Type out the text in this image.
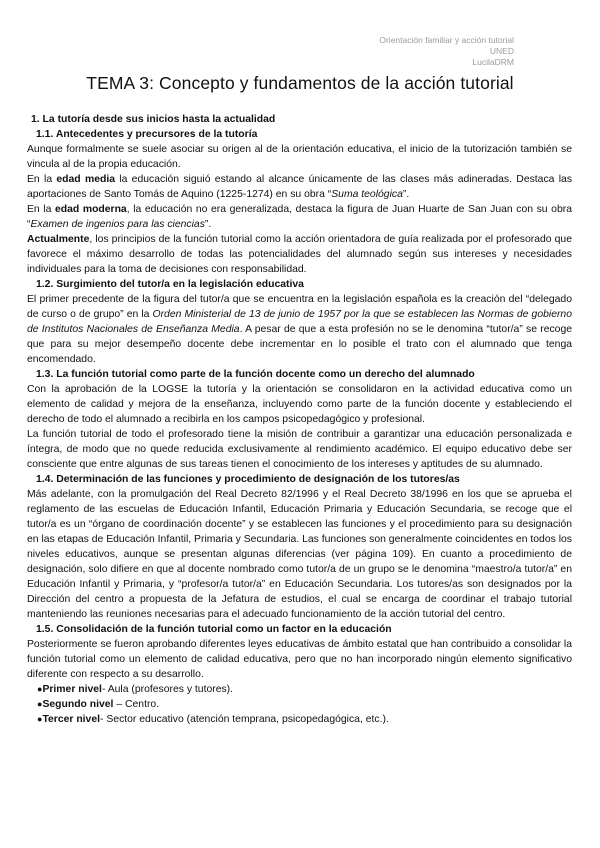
Orientación familiar y acción tutorial
UNED
LucilaDRM
TEMA 3: Concepto y fundamentos de la acción tutorial
1. La tutoría desde sus inicios hasta la actualidad
1.1. Antecedentes y precursores de la tutoría

Aunque formalmente se suele asociar su origen al de la orientación educativa, el inicio de la tutorización también se vincula al de la propia educación.

En la edad media la educación siguió estando al alcance únicamente de las clases más adineradas. Destaca las aportaciones de Santo Tomás de Aquino (1225-1274) en su obra “Suma teológica”.

En la edad moderna, la educación no era generalizada, destaca la figura de Juan Huarte de San Juan con su obra “Examen de ingenios para las ciencias”.

Actualmente, los principios de la función tutorial como la acción orientadora de guía realizada por el profesorado que favorece el máximo desarrollo de todas las potencialidades del alumnado según sus intereses y necesidades individuales para la toma de decisiones con responsabilidad.

1.2. Surgimiento del tutor/a en la legislación educativa

El primer precedente de la figura del tutor/a que se encuentra en la legislación española es la creación del “delegado de curso o de grupo” en la Orden Ministerial de 13 de junio de 1957 por la que se establecen las Normas de gobierno de Institutos Nacionales de Enseñanza Media. A pesar de que a esta profesión no se le denomina “tutor/a” se recoge que para su mejor desempeño docente debe incrementar en lo posible el trato con el alumnado que tenga encomendado.

1.3. La función tutorial como parte de la función docente como un derecho del alumnado

Con la aprobación de la LOGSE la tutoría y la orientación se consolidaron en la actividad educativa como un elemento de calidad y mejora de la enseñanza, incluyendo como parte de la función docente y estableciendo el derecho de todo el alumnado a recibirla en los campos psicopedagógico y profesional.

La función tutorial de todo el profesorado tiene la misión de contribuir a garantizar una educación personalizada e íntegra, de modo que no quede reducida exclusivamente al rendimiento académico. El equipo educativo debe ser consciente que entre algunas de sus tareas tienen el conocimiento de los intereses y aptitudes de su alumnado.

1.4. Determinación de las funciones y procedimiento de designación de los tutores/as

Más adelante, con la promulgación del Real Decreto 82/1996 y el Real Decreto 38/1996 en los que se aprueba el reglamento de las escuelas de Educación Infantil, Educación Primaria y Educación Secundaria, se recoge que el tutor/a es un “órgano de coordinación docente” y se establecen las funciones y el procedimiento para su designación en las etapas de Educación Infantil, Primaria y Secundaria. Las funciones son generalmente coincidentes en todos los niveles educativos, aunque se presentan algunas diferencias (ver página 109). En cuanto a procedimiento de designación, solo difiere en que al docente nombrado como tutor/a de un grupo se le denomina “maestro/a tutor/a” en Educación Infantil y Primaria, y “profesor/a tutor/a” en Educación Secundaria. Los tutores/as son designados por la Dirección del centro a propuesta de la Jefatura de estudios, el cual se encarga de coordinar el trabajo tutorial manteniendo las reuniones necesarias para el adecuado funcionamiento de la acción tutorial del centro.

1.5. Consolidación de la función tutorial como un factor en la educación

Posteriormente se fueron aprobando diferentes leyes educativas de ámbito estatal que han contribuido a consolidar la función tutorial como un elemento de calidad educativa, pero que no han incorporado ningún elemento significativo diferente con respecto a su desarrollo.

●Primer nivel- Aula (profesores y tutores).
●Segundo nivel – Centro.
●Tercer nivel- Sector educativo (atención temprana, psicopedagógica, etc.).
